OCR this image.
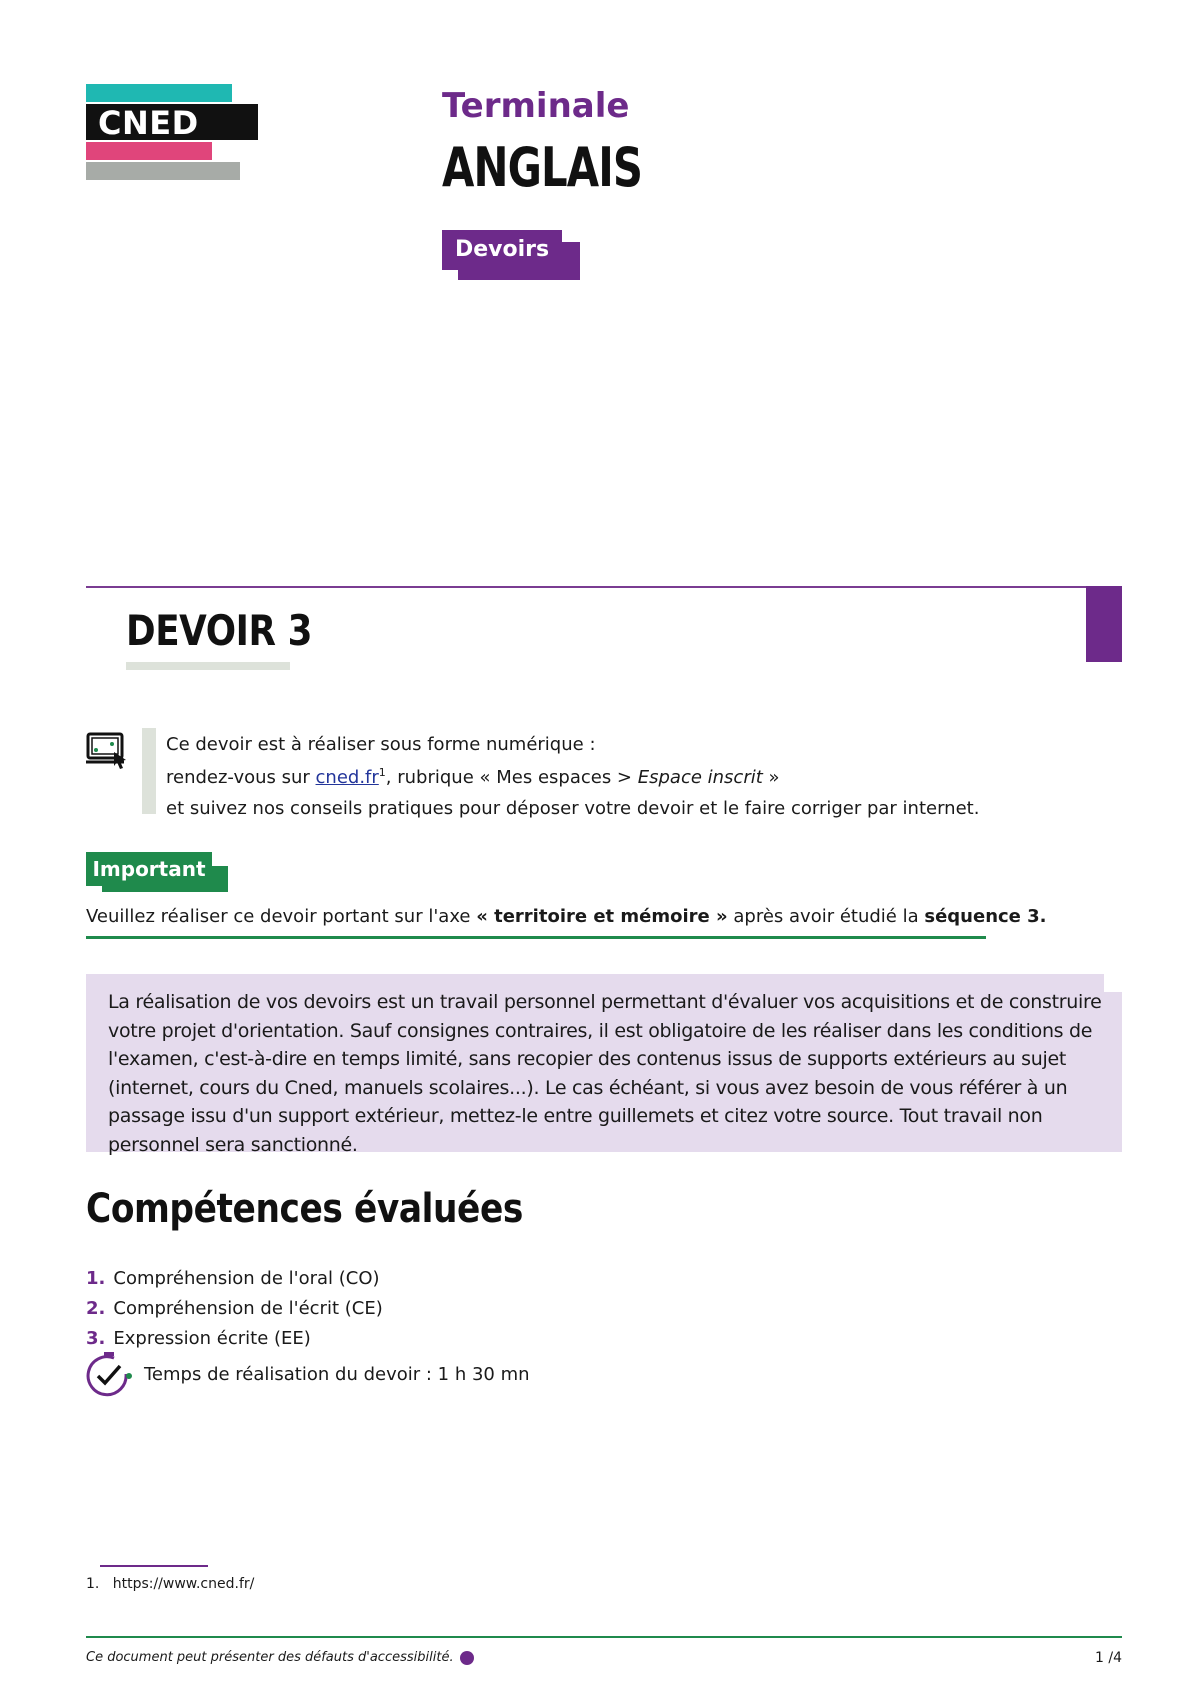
CNED	Terminale
ANGLAIS
Devoirs
DEVOIR 3
Ce devoir est à réaliser sous forme numérique :
rendez-vous sur $cned.fr^1$, rubrique « Mes espaces > Espace inscrit »
et suivez nos conseils pratiques pour déposer votre devoir et le faire corriger par internet.
Important
Veuillez réaliser ce devoir portant sur l'axe « territoire et mémoire » après avoir étudié la séquence 3.
La réalisation de vos devoirs est un travail personnel permettant d'évaluer vos acquisitions et de construire votre projet d'orientation. Sauf consignes contraires, il est obligatoire de les réaliser dans les conditions de l'examen, c'est-à-dire en temps limité, sans recopier des contenus issus de supports extérieurs au sujet (internet, cours du Cned, manuels scolaires...). Le cas échéant, si vous avez besoin de vous référer à un passage issu d'un support extérieur, mettez-le entre guillemets et citez votre source. Tout travail non personnel sera sanctionné.
Compétences évaluées
1. Compréhension de l'oral (CO)
2. Compréhension de l'écrit (CE)
3. Expression écrite (EE)
Temps de réalisation du devoir : 1 h 30 mn
1. https://www.cned.fr/
Ce document peut présenter des défauts d'accessibilité.	1 /4
